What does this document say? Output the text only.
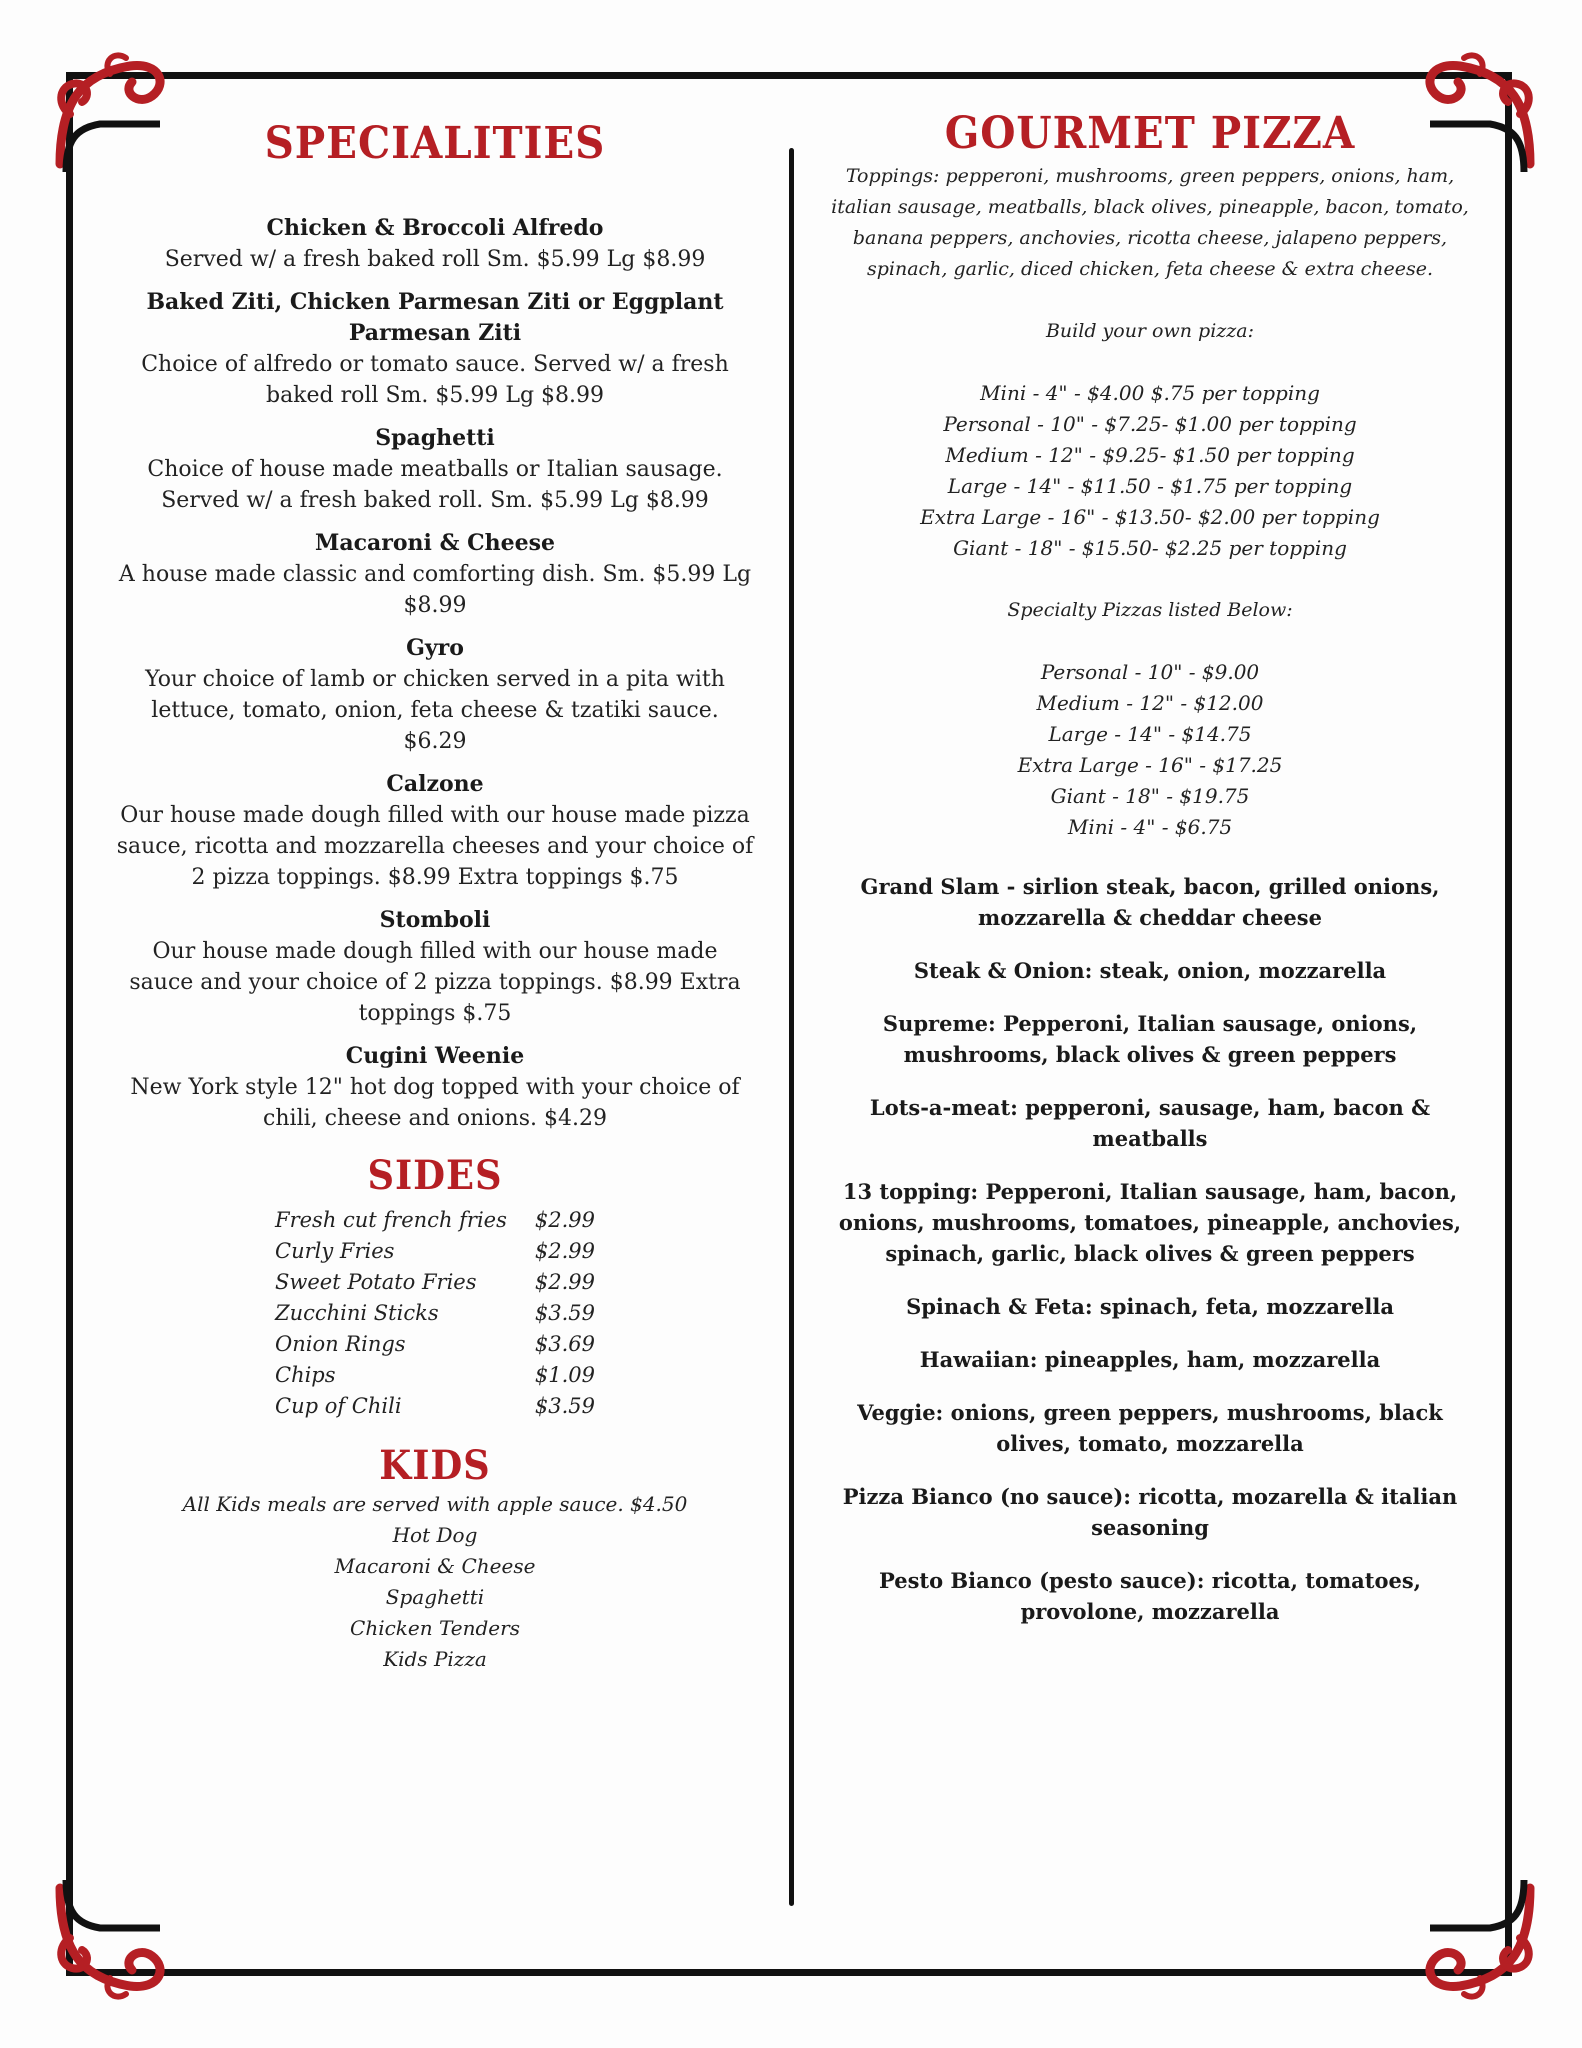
SPECIALITIES
Chicken & Broccoli Alfredo
Served w/ a fresh baked roll Sm. $5.99 Lg $8.99
Baked Ziti, Chicken Parmesan Ziti or Eggplant Parmesan Ziti
Choice of alfredo or tomato sauce. Served w/ a fresh baked roll Sm. $5.99 Lg $8.99
Spaghetti
Choice of house made meatballs or Italian sausage. Served w/ a fresh baked roll. Sm. $5.99 Lg $8.99
Macaroni & Cheese
A house made classic and comforting dish. Sm. $5.99 Lg $8.99
Gyro
Your choice of lamb or chicken served in a pita with lettuce, tomato, onion, feta cheese & tzatiki sauce. $6.29
Calzone
Our house made dough filled with our house made pizza sauce, ricotta and mozzarella cheeses and your choice of 2 pizza toppings. $8.99 Extra toppings $.75
Stomboli
Our house made dough filled with our house made sauce and your choice of 2 pizza toppings. $8.99 Extra toppings $.75
Cugini Weenie
New York style 12" hot dog topped with your choice of chili, cheese and onions. $4.29
SIDES
Fresh cut french fries	$2.99
Curly Fries	$2.99
Sweet Potato Fries	$2.99
Zucchini Sticks	$3.59
Onion Rings	$3.69
Chips	$1.09
Cup of Chili	$3.59
KIDS
All Kids meals are served with apple sauce. $4.50
Hot Dog
Macaroni & Cheese
Spaghetti
Chicken Tenders
Kids Pizza
GOURMET PIZZA
Toppings: pepperoni, mushrooms, green peppers, onions, ham, italian sausage, meatballs, black olives, pineapple, bacon, tomato, banana peppers, anchovies, ricotta cheese, jalapeno peppers, spinach, garlic, diced chicken, feta cheese & extra cheese.
Build your own pizza:
Mini - 4" - $4.00 $.75 per topping
Personal - 10" - $7.25- $1.00 per topping
Medium - 12" - $9.25- $1.50 per topping
Large - 14" - $11.50 - $1.75 per topping
Extra Large - 16" - $13.50- $2.00 per topping
Giant - 18" - $15.50- $2.25 per topping
Specialty Pizzas listed Below:
Personal - 10" - $9.00
Medium - 12" - $12.00
Large - 14" - $14.75
Extra Large - 16" - $17.25
Giant - 18" - $19.75
Mini - 4" - $6.75
Grand Slam - sirlion steak, bacon, grilled onions, mozzarella & cheddar cheese
Steak & Onion: steak, onion, mozzarella
Supreme: Pepperoni, Italian sausage, onions, mushrooms, black olives & green peppers
Lots-a-meat: pepperoni, sausage, ham, bacon & meatballs
13 topping: Pepperoni, Italian sausage, ham, bacon, onions, mushrooms, tomatoes, pineapple, anchovies, spinach, garlic, black olives & green peppers
Spinach & Feta: spinach, feta, mozzarella
Hawaiian: pineapples, ham, mozzarella
Veggie: onions, green peppers, mushrooms, black olives, tomato, mozzarella
Pizza Bianco (no sauce): ricotta, mozarella & italian seasoning
Pesto Bianco (pesto sauce): ricotta, tomatoes, provolone, mozzarella
